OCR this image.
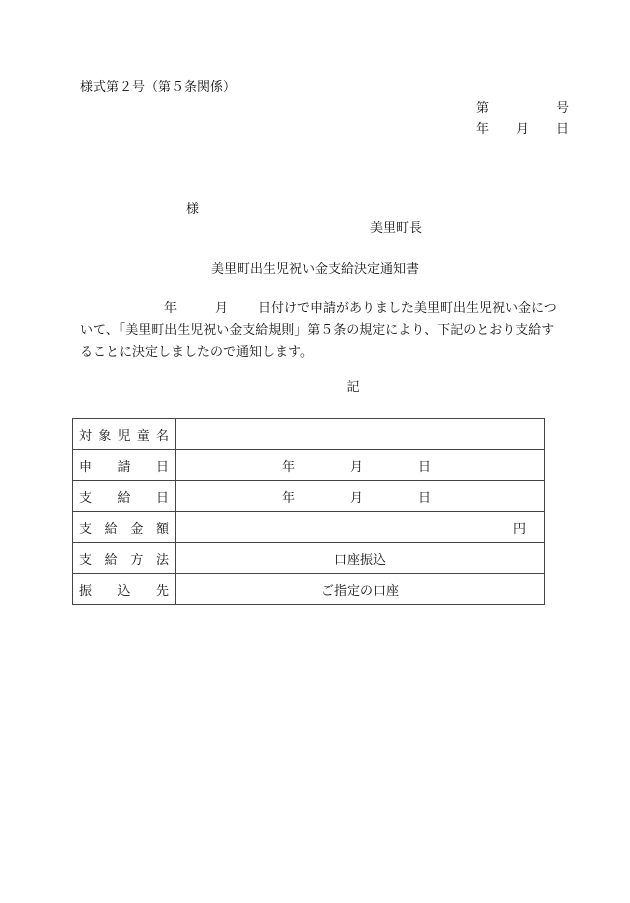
様式第２号（第５条関係）
第	号
年 月 日
様
美里町長
美里町出生児祝い金支給決定通知書
年	月 日付けで申請がありました美里町出生児祝い金について、「美里町出生児祝い金支給規則」第５条の規定により、下記のとおり支給することに決定しましたので通知します。
記
対 象 児 童 名	

申 請 日	年 月 日

支 給 日	年 月 日

支 給 金 額	円

支 給 方 法	口座振込

振 込 先	ご指定の口座
